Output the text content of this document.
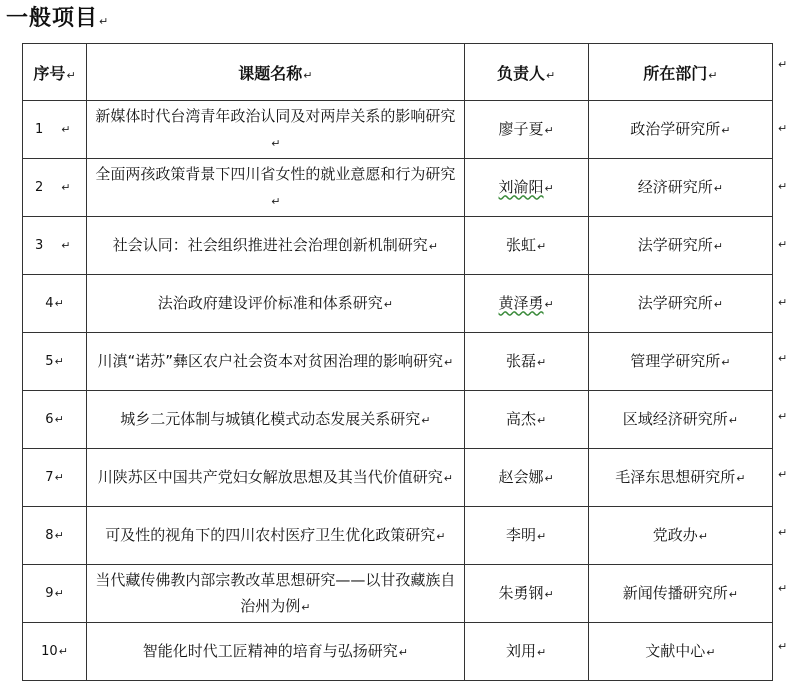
一般项目↵
序号↵	课题名称↵	负责人↵	所在部门↵
1 ↵	新媒体时代台湾青年政治认同及对两岸关系的影响研究↵	廖子夏↵	政治学研究所↵
2 ↵	全面两孩政策背景下四川省女性的就业意愿和行为研究↵	刘渝阳↵	经济研究所↵
3 ↵	社会认同：社会组织推进社会治理创新机制研究↵	张虹↵	法学研究所↵
4↵	法治政府建设评价标准和体系研究↵	黄泽勇↵	法学研究所↵
5↵	川滇“诺苏”彝区农户社会资本对贫困治理的影响研究↵	张磊↵	管理学研究所↵
6↵	城乡二元体制与城镇化模式动态发展关系研究↵	高杰↵	区域经济研究所↵
7↵	川陕苏区中国共产党妇女解放思想及其当代价值研究↵	赵会娜↵	毛泽东思想研究所↵
8↵	可及性的视角下的四川农村医疗卫生优化政策研究↵	李明↵	党政办↵
9↵	当代藏传佛教内部宗教改革思想研究——以甘孜藏族自治州为例↵	朱勇钢↵	新闻传播研究所↵
10↵	智能化时代工匠精神的培育与弘扬研究↵	刘用↵	文献中心↵
↵
↵
↵
↵
↵
↵
↵
↵
↵
↵
↵
